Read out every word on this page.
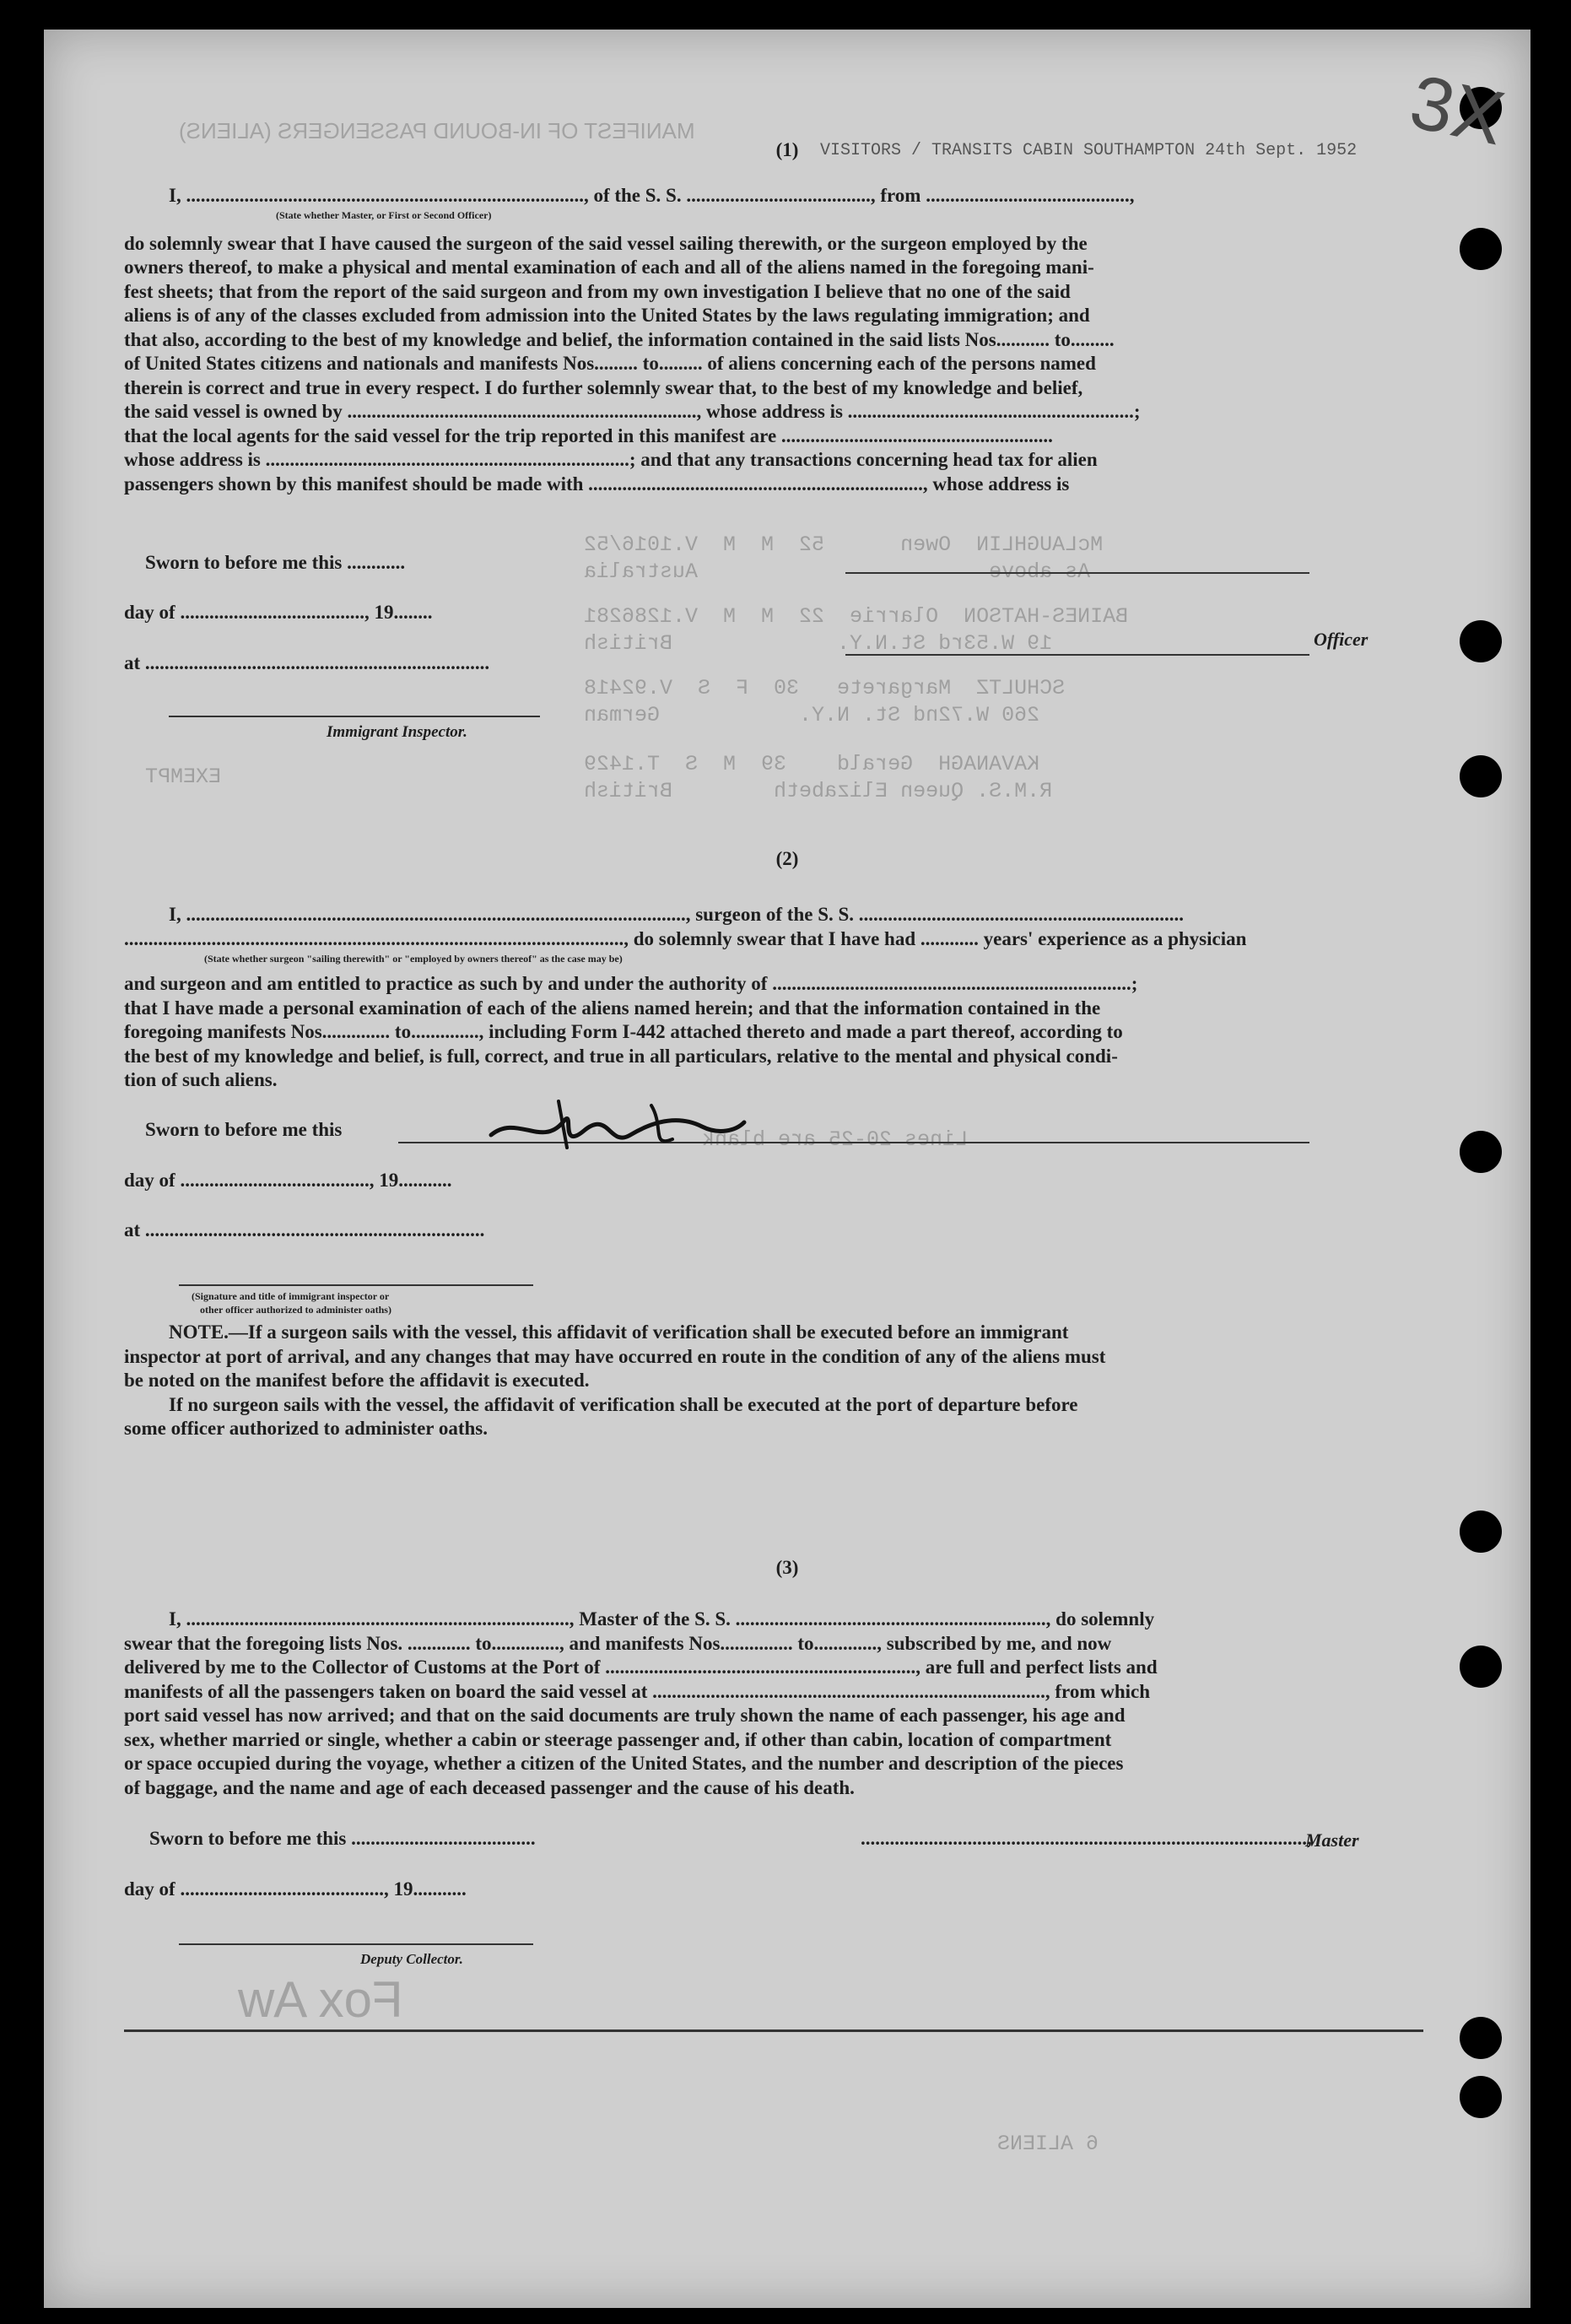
3X
MANIFEST OF IN-BOUND PASSENGERS (ALIENS)
McLAUGHLIN  Owen      52  M  M  V.1016/52
As above                       Australia
BAINES-HATSON  Olarrie  22  M  M  V.1286281
19 W.53rd St.N.Y.             British
SCHULTZ  Margarete   30  F  S  V.92418
260 W.72nd St. N.Y.           German
KAVANAGH  Gerald    39  M  S  T.1429
R.M.S. Queen Elizabeth        British
Lines 20-25 are blank
EXEMPT
6 ALIENS
Fox Aw
(1)	VISITORS / TRANSITS CABIN SOUTHAMPTON 24th Sept. 1952
I, .................................................................................., of the S. S. ......................................, from ..........................................,
(State whether Master, or First or Second Officer)
do solemnly swear that I have caused the surgeon of the said vessel sailing therewith, or the surgeon employed by the
owners thereof, to make a physical and mental examination of each and all of the aliens named in the foregoing mani-
fest sheets; that from the report of the said surgeon and from my own investigation I believe that no one of the said
aliens is of any of the classes excluded from admission into the United States by the laws regulating immigration; and
that also, according to the best of my knowledge and belief, the information contained in the said lists Nos........... to.........
of United States citizens and nationals and manifests Nos......... to......... of aliens concerning each of the persons named
therein is correct and true in every respect. I do further solemnly swear that, to the best of my knowledge and belief,
the said vessel is owned by ........................................................................, whose address is ...........................................................;
that the local agents for the said vessel for the trip reported in this manifest are ........................................................
whose address is ...........................................................................; and that any transactions concerning head tax for alien
passengers shown by this manifest should be made with ....................................................................., whose address is
Sworn to before me this ............
day of ......................................, 19........
at .......................................................................
Officer
Immigrant Inspector.
(2)
I, ......................................................................................................., surgeon of the S. S. ...................................................................
......................................................................................................., do solemnly swear that I have had ............ years' experience as a physician
(State whether surgeon "sailing therewith" or "employed by owners thereof" as the case may be)
and surgeon and am entitled to practice as such by and under the authority of ..........................................................................;
that I have made a personal examination of each of the aliens named herein; and that the information contained in the
foregoing manifests Nos.............. to.............., including Form I-442 attached thereto and made a part thereof, according to
the best of my knowledge and belief, is full, correct, and true in all particulars, relative to the mental and physical condi-
tion of such aliens.
Sworn to before me this
day of ......................................., 19...........
at ......................................................................
(Signature and title of immigrant inspector or
other officer authorized to administer oaths)
NOTE.—If a surgeon sails with the vessel, this affidavit of verification shall be executed before an immigrant
inspector at port of arrival, and any changes that may have occurred en route in the condition of any of the aliens must
be noted on the manifest before the affidavit is executed.
If no surgeon sails with the vessel, the affidavit of verification shall be executed at the port of departure before
some officer authorized to administer oaths.
(3)
I, ..............................................................................., Master of the S. S. ................................................................, do solemnly
swear that the foregoing lists Nos. ............. to.............., and manifests Nos............... to............., subscribed by me, and now
delivered by me to the Collector of Customs at the Port of ................................................................, are full and perfect lists and
manifests of all the passengers taken on board the said vessel at ................................................................................., from which
port said vessel has now arrived; and that on the said documents are truly shown the name of each passenger, his age and
sex, whether married or single, whether a cabin or steerage passenger and, if other than cabin, location of compartment
or space occupied during the voyage, whether a citizen of the United States, and the number and description of the pieces
of baggage, and the name and age of each deceased passenger and the cause of his death.
Sworn to before me this ......................................	............................................................................................,
Master
day of .........................................., 19...........
Deputy Collector.
